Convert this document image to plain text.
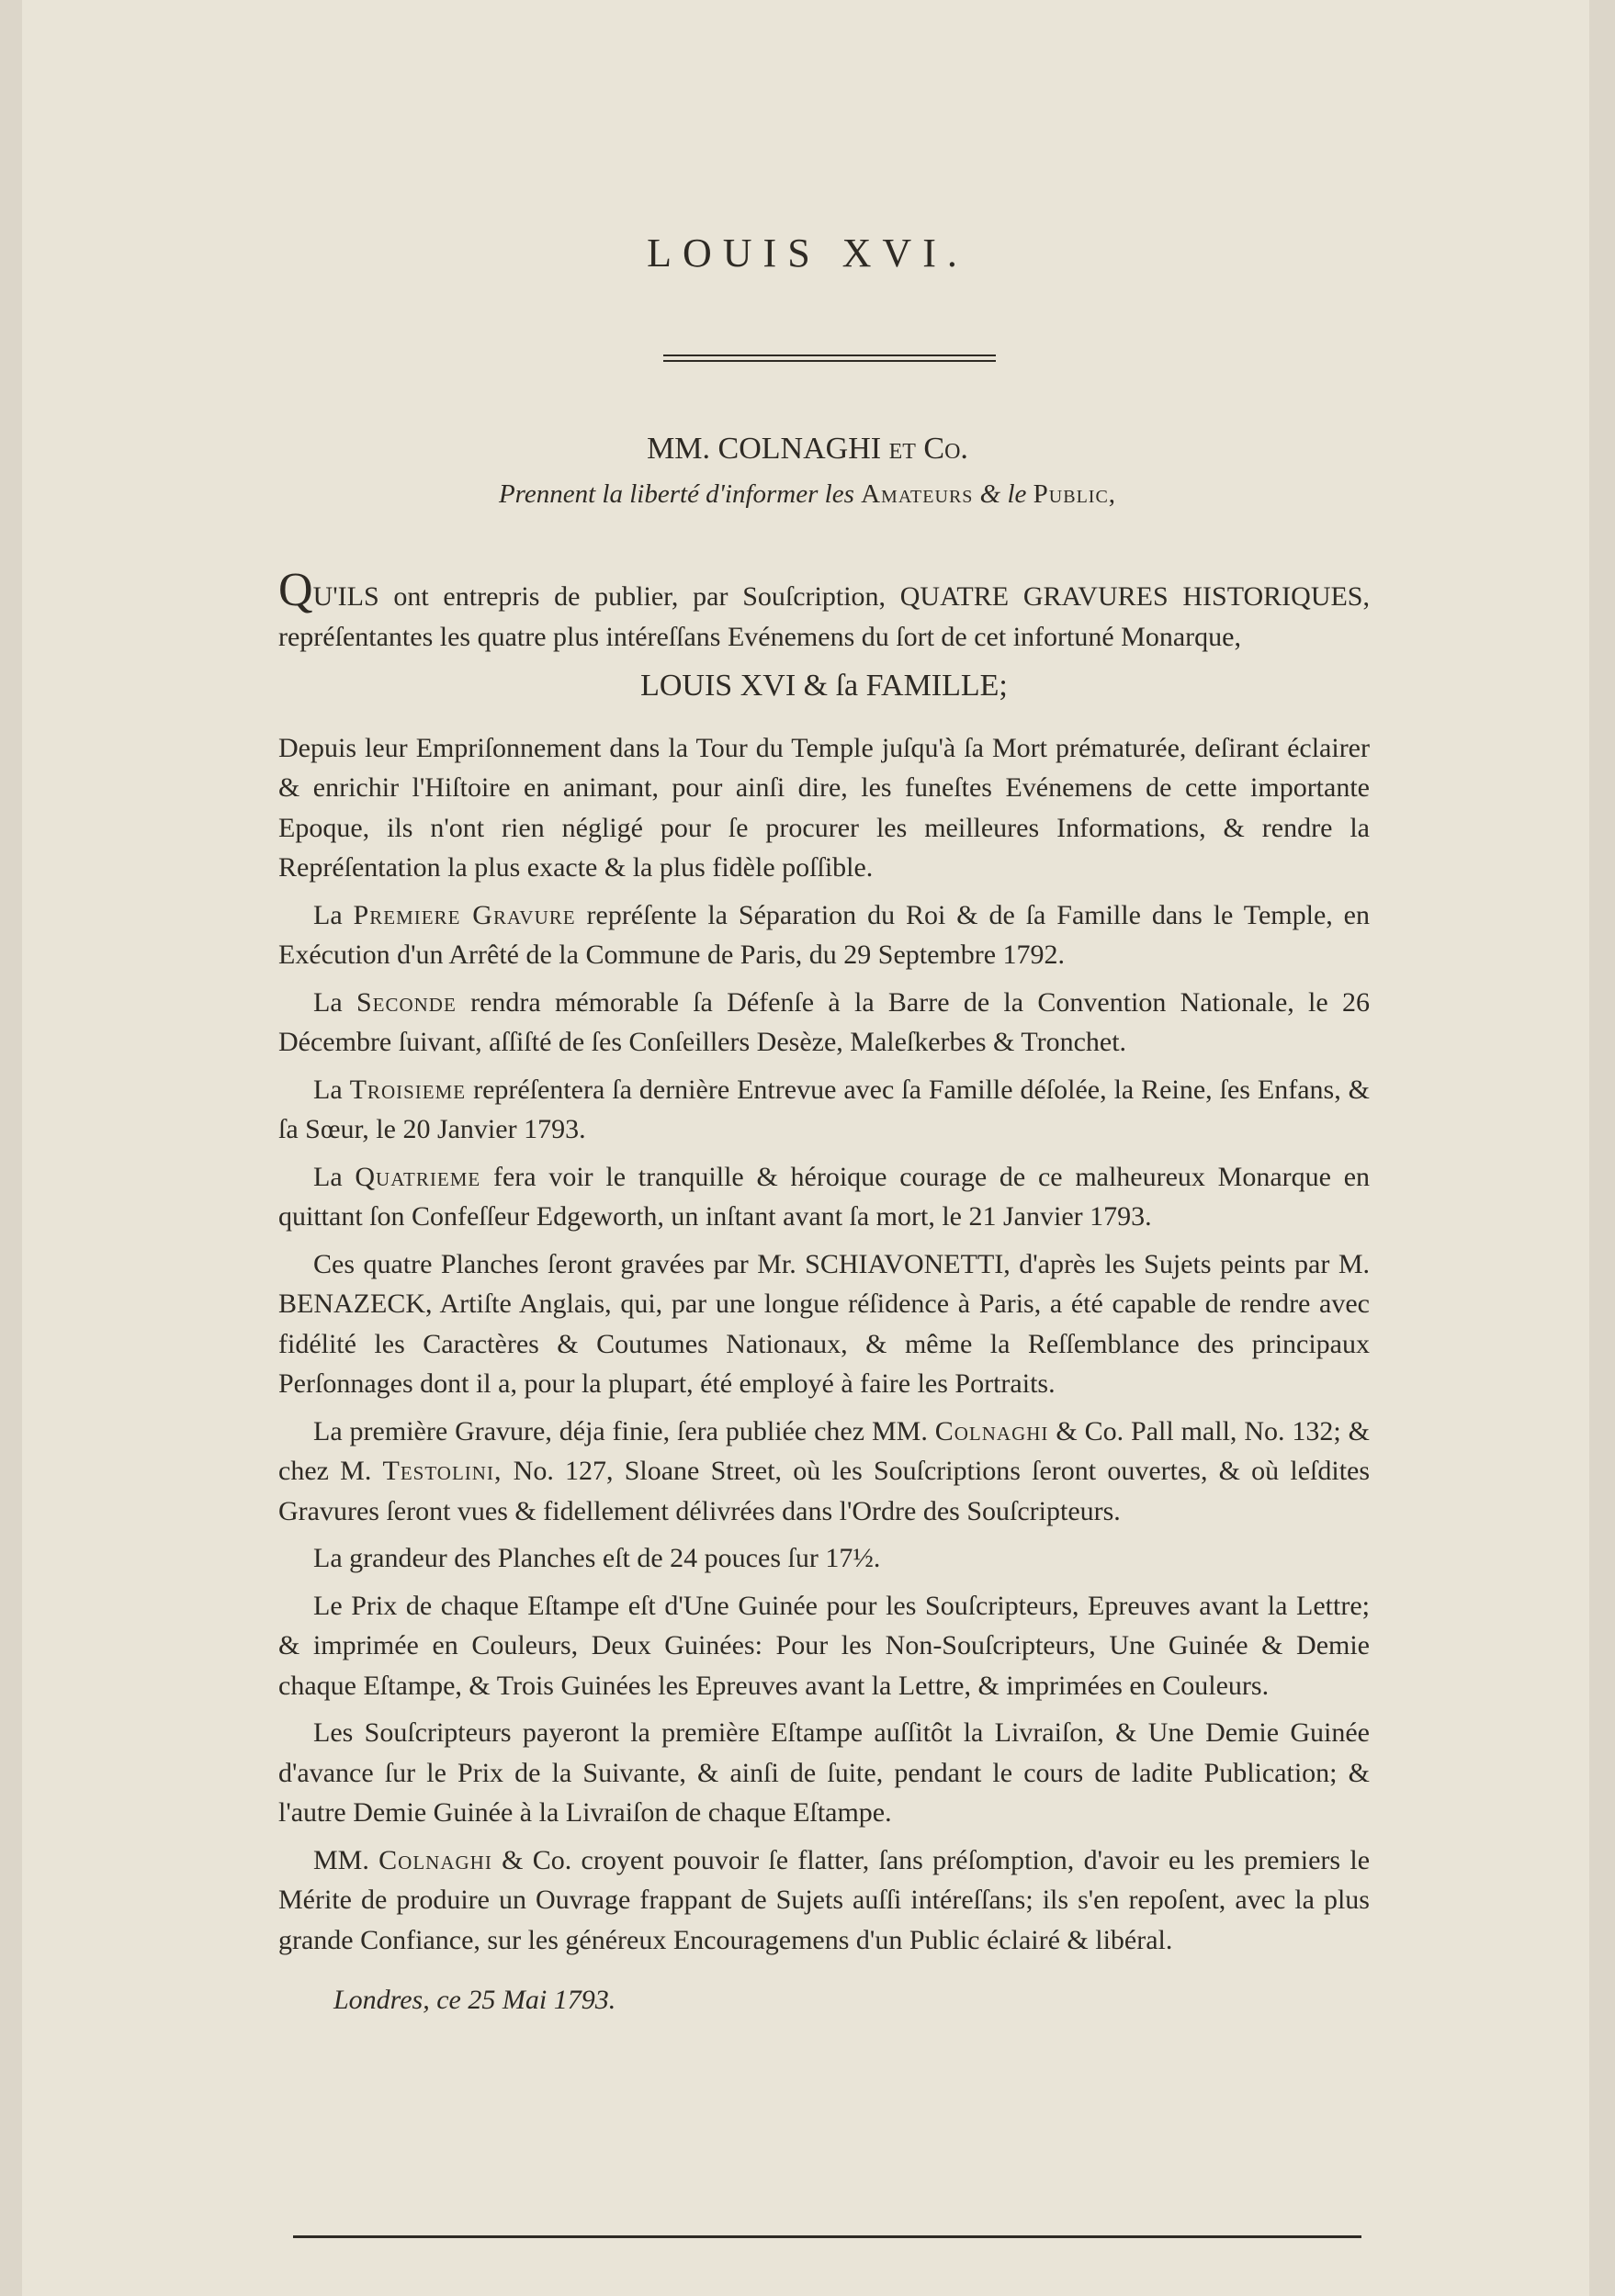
LOUIS XVI.
MM. COLNAGHI et Co.
Prennent la liberté d'informer les Amateurs & le Public,

QU'ILS ont entrepris de publier, par Souſcription, QUATRE GRAVURES HISTORIQUES, repréſentantes les quatre plus intéreſſans Evénemens du ſort de cet infortuné Monarque,

LOUIS XVI & ſa FAMILLE;

Depuis leur Empriſonnement dans la Tour du Temple juſqu'à ſa Mort prématurée, deſirant éclairer & enrichir l'Hiſtoire en animant, pour ainſi dire, les funeſtes Evénemens de cette importante Epoque, ils n'ont rien négligé pour ſe procurer les meilleures Informations, & rendre la Repréſentation la plus exacte & la plus fidèle poſſible.

La Premiere Gravure repréſente la Séparation du Roi & de ſa Famille dans le Temple, en Exécution d'un Arrêté de la Commune de Paris, du 29 Septembre 1792.

La Seconde rendra mémorable ſa Défenſe à la Barre de la Convention Nationale, le 26 Décembre ſuivant, aſſiſté de ſes Conſeillers Desèze, Maleſkerbes & Tronchet.

La Troisieme repréſentera ſa dernière Entrevue avec ſa Famille déſolée, la Reine, ſes Enfans, & ſa Sœur, le 20 Janvier 1793.

La Quatrieme fera voir le tranquille & héroique courage de ce malheureux Monarque en quittant ſon Confeſſeur Edgeworth, un inſtant avant ſa mort, le 21 Janvier 1793.

Ces quatre Planches ſeront gravées par Mr. SCHIAVONETTI, d'après les Sujets peints par M. BENAZECK, Artiſte Anglais, qui, par une longue réſidence à Paris, a été capable de rendre avec fidélité les Caractères & Coutumes Nationaux, & même la Reſſemblance des principaux Perſonnages dont il a, pour la plupart, été employé à faire les Portraits.

La première Gravure, déja finie, ſera publiée chez MM. Colnaghi & Co. Pall mall, No. 132; & chez M. Testolini, No. 127, Sloane Street, où les Souſcriptions ſeront ouvertes, & où leſdites Gravures ſeront vues & fidellement délivrées dans l'Ordre des Souſcripteurs.

La grandeur des Planches eſt de 24 pouces ſur 17½.

Le Prix de chaque Eſtampe eſt d'Une Guinée pour les Souſcripteurs, Epreuves avant la Lettre; & imprimée en Couleurs, Deux Guinées: Pour les Non-Souſcripteurs, Une Guinée & Demie chaque Eſtampe, & Trois Guinées les Epreuves avant la Lettre, & imprimées en Couleurs.

Les Souſcripteurs payeront la première Eſtampe auſſitôt la Livraiſon, & Une Demie Guinée d'avance ſur le Prix de la Suivante, & ainſi de ſuite, pendant le cours de ladite Publication; & l'autre Demie Guinée à la Livraiſon de chaque Eſtampe.

MM. Colnaghi & Co. croyent pouvoir ſe flatter, ſans préſomption, d'avoir eu les premiers le Mérite de produire un Ouvrage frappant de Sujets auſſi intéreſſans; ils s'en repoſent, avec la plus grande Confiance, sur les généreux Encouragemens d'un Public éclairé & libéral.

Londres, ce 25 Mai 1793.
